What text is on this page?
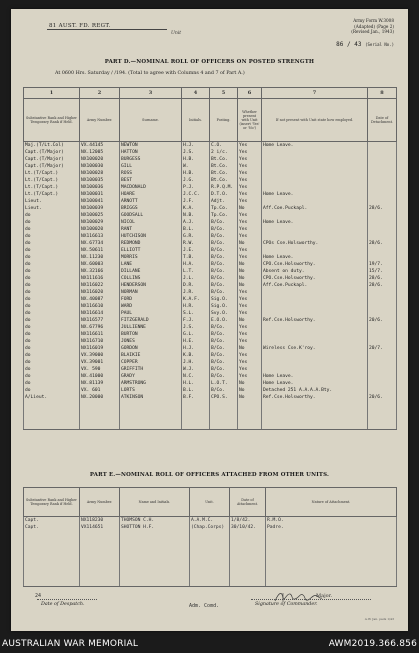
81 AUST. FD. REGT.
Unit
Army Form W.3008
(Adapted) (Page 2)
(Revised Jan., 1943)
86 / 43 (Serial No.)
PART D.—NOMINAL ROLL OF OFFICERS ON POSTED STRENGTH
At 0600 Hrs. Saturday / /194. (Total to agree with Columns 4 and 7 of Part A.)
1	2	3	4	5	6	7	8
Substantive Rank and Higher Temporary Rank if Held.	Army Number.	Surname.	Initials.	Posting.	Whether present with Unit (insert 'Yes' or 'No')	If not present with Unit state how employed.	Date of Detachment.
Maj.(T/Lt.Col)	VX.44145	NEWTON	H.J.	C.O.	Yes	Home Leave.	
Capt.(T/Major)	NX.12005	HATTON	J.S.	2 i/c.	Yes		
Capt.(T/Major)	NX100020	BURGESS	H.B.	Bt.Co.	Yes		
Capt.(T/Major)	NX100030	GILL	W.	Bt.Co.	Yes		
Lt.(T/Capt.)	NX100028	ROSS	H.B.	Bt.Co.	Yes		
Lt.(T/Capt.)	NX100035	BEST	J.G.	Bt.Co.	Yes		
Lt.(T/Capt.)	NX100036	MACDONALD	P.J.	R.P.Q.M.	Yes		
Lt.(T/Capt.)	NX100031	HOARE	J.C.C.	D.T.O.	Yes	Home Leave.	
Lieut.	NX100041	ARNOTT	J.F.	Adjt.	Yes		
Lieut.	NX100039	BRIGGS	K.A.	Tp.Co.	No	Aff.Coe.Puckapl.	28/6.
do	NX100025	GOODSALL	N.B.	Tp.Co.	Yes		
do	NX100029	NICOL	A.J.	B/Co.	Yes	Home Leave.	
do	NX100020	RANT	B.L.	B/Co.	Yes		
do	NX116613	HUTCHISON	G.R.	B/Co.	Yes		
do	NX.67734	REDMOND	R.W.	B/Co.	No	CPOs Cse.Holsworthy.	28/6.
do	NX.50611	ELLIOTT	J.E.	B/Co.	Yes		
do	NX.11230	MORRIS	T.B.	B/Co.	Yes	Home Leave.	
do	NX.60003	LANE	H.A.	B/Co.	No	CPO.Cse.Holsworthy.	19/7.
do	NX.32166	DILLANE	L.T.	B/Co.	No	Absent on duty.	15/7.
do	NX111616	COLLINS	J.L.	B/Co.	No	CPO.Cse.Holsworthy.	28/6.
do	NX116022	HENDERSON	D.R.	B/Co.	No	Aff.Coe.Puckapl.	28/6.
do	NX116020	NORMAN	J.R.	B/Co.	Yes		
do	NX.40087	FORD	K.A.F.	Sig.O.	Yes		
do	NX116610	WARD	H.R.	Sig.O.	Yes		
do	NX116614	PAUL	S.L.	Svy.O.	Yes		
do	NX116577	FITZGERALD	F.J.	E.O.O.	No	Ref.Cse.Holsworthy.	20/6.
do	NX.67796	JULLIENNE	J.S.	B/Co.	Yes		
do	NX116611	BURTON	G.L.	B/Co.	Yes		
do	NX116710	JONES	H.E.	B/Co.	Yes		
do	NX116019	GORDON	H.J.	B/Co.	No	Wireless Cse.K'roy.	20/7.
do	VX.39000	BLAIKIE	K.B.	B/Co.	Yes		
do	VX.39001	COPPER	J.H.	B/Co.	Yes		
do	VX. 590	GRIFFITH	W.J.	B/Co.	Yes		
do	NX.41000	GRADY	N.C.	B/Co.	Yes	Home Leave.	
do	NX.81139	ARMSTRONG	H.L.	L.O.T.	No	Home Leave.	
do	VX. 601	LORTS	B.L.	B/Co.	No	Detached 251 A.A.A.A.Bty.	
A/Lieut.	NX.20000	ATKINSON	B.F.	CPO.S.	No	Ref.Cse.Holsworthy.	20/6.

PART E.—NOMINAL ROLL OF OFFICERS ATTACHED FROM OTHER UNITS.
Substantive Rank and Higher Temporary Rank if Held.	Army Number.	Name and Initials.	Unit.	Date of Attachment.	Nature of Attachment.
Capt.	NX118230	THOMSON C.H.	A.A.M.C.	1/8/42.	R.M.O.
Capt.	VX114651	SHOTTON H.F.	(Chap.Corps)	30/10/42.	Padre.

24
Date of Despatch.	Adm. Comd.
Major.
Signature of Commander.
A.W. Jan. pads 1/43
AUSTRALIAN WAR MEMORIAL	AWM2019.366.856
